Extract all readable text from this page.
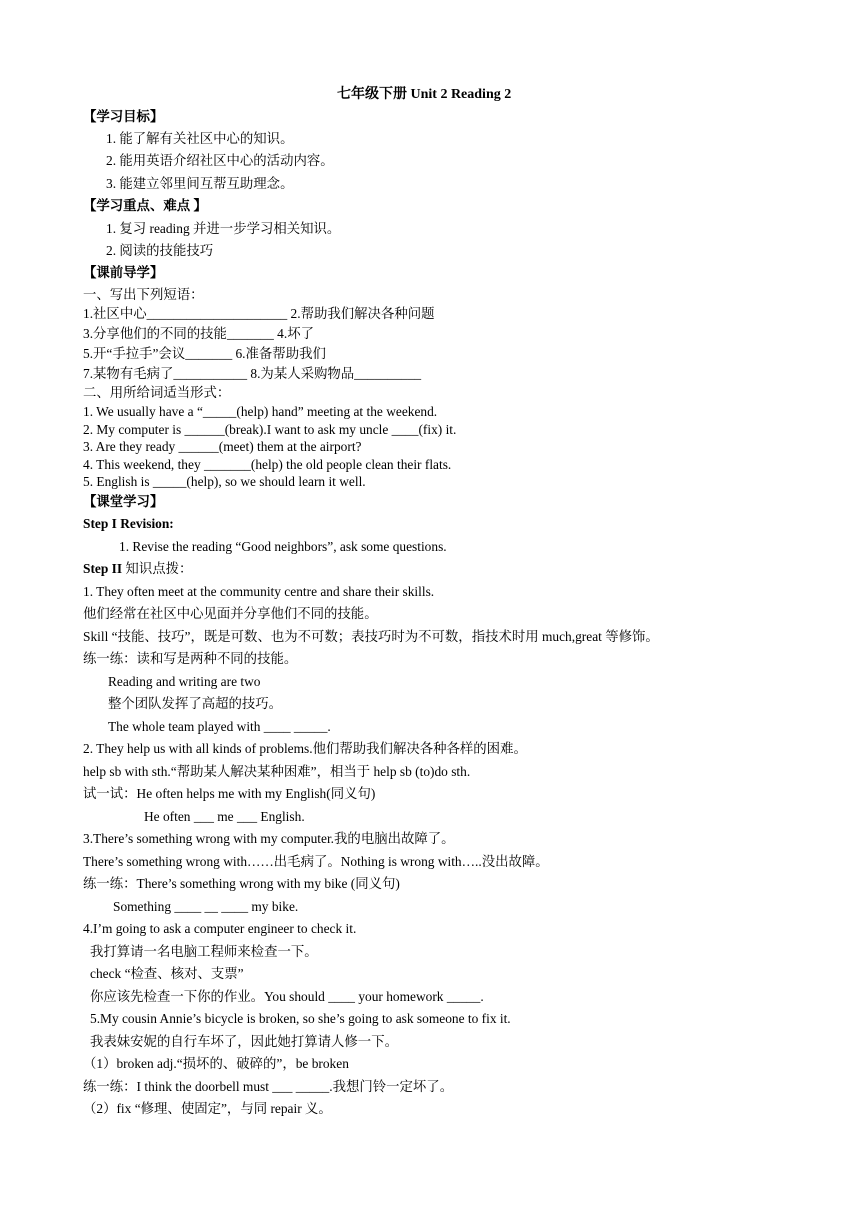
七年级下册 Unit 2 Reading 2
【学习目标】
1. 能了解有关社区中心的知识。
2. 能用英语介绍社区中心的活动内容。
3. 能建立邻里间互帮互助理念。
【学习重点、难点 】
1. 复习 reading 并进一步学习相关知识。
2. 阅读的技能技巧
【课前导学】
一、写出下列短语：
1.社区中心_____________________ 2.帮助我们解决各种问题
3.分享他们的不同的技能_______ 4.坏了
5.开“手拉手”会议_______ 6.准备帮助我们
7.某物有毛病了___________ 8.为某人采购物品__________
二、用所给词适当形式：
1. We usually have a “_____(help) hand” meeting at the weekend.
2. My computer is ______(break).I want to ask my uncle ____(fix) it.
3. Are they ready ______(meet) them at the airport?
4. This weekend, they _______(help) the old people clean their flats.
5. English is _____(help), so we should learn it well.
【课堂学习】
Step I Revision:
1. Revise the reading “Good neighbors”, ask some questions.
Step II 知识点拨：
1. They often meet at the community centre and share their skills.
他们经常在社区中心见面并分享他们不同的技能。
Skill “技能、技巧”，既是可数、也为不可数；表技巧时为不可数，指技术时用 much,great 等修饰。
练一练：读和写是两种不同的技能。
Reading and writing are two
整个团队发挥了高超的技巧。
The whole team played with ____ _____.
2. They help us with all kinds of problems.他们帮助我们解决各种各样的困难。
help sb with sth.“帮助某人解决某种困难”，相当于 help sb (to)do sth.
试一试：He often helps me with my English(同义句)
He often ___ me ___ English.
3.There’s something wrong with my computer.我的电脑出故障了。
There’s something wrong with……出毛病了。Nothing is wrong with…..没出故障。
练一练：There’s something wrong with my bike (同义句)
Something ____ __ ____ my bike.
4.I’m going to ask a computer engineer to check it.
我打算请一名电脑工程师来检查一下。
check “检查、核对、支票”
你应该先检查一下你的作业。You should ____ your homework _____.
5.My cousin Annie’s bicycle is broken, so she’s going to ask someone to fix it.
我表妹安妮的自行车坏了，因此她打算请人修一下。
（1）broken adj.“损坏的、破碎的”，be broken
练一练：I think the doorbell must ___ _____.我想门铃一定坏了。
（2）fix “修理、使固定”，与同 repair 义。
